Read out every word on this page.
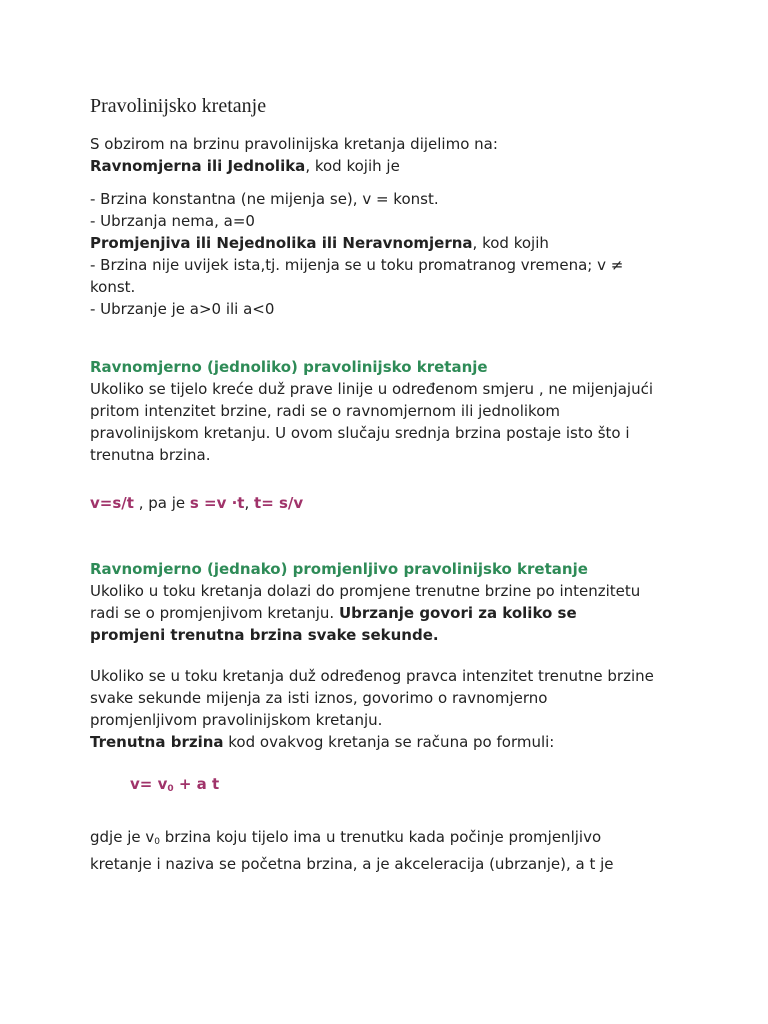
Pravolinijsko kretanje

S obzirom na brzinu pravolinijska kretanja dijelimo na:

Ravnomjerna ili Jednolika, kod kojih je

- Brzina konstantna (ne mijenja se), v = konst.

- Ubrzanja nema, a=0

Promjenjiva ili Nejednolika ili Neravnomjerna, kod kojih

- Brzina nije uvijek ista,tj. mijenja se u toku promatranog vremena; v ≠

konst.

- Ubrzanje je a>0 ili a<0

Ravnomjerno (jednoliko) pravolinijsko kretanje

Ukoliko se tijelo kreće duž prave linije u određenom smjeru , ne mijenjajući

pritom intenzitet brzine, radi se o ravnomjernom ili jednolikom

pravolinijskom kretanju. U ovom slučaju srednja brzina postaje isto što i

trenutna brzina.

v=s/t , pa je s =v ·t, t= s/v

Ravnomjerno (jednako) promjenljivo pravolinijsko kretanje

Ukoliko u toku kretanja dolazi do promjene trenutne brzine po intenzitetu

radi se o promjenjivom kretanju. Ubrzanje govori za koliko se

promjeni trenutna brzina svake sekunde.

Ukoliko se u toku kretanja duž određenog pravca intenzitet trenutne brzine

svake sekunde mijenja za isti iznos, govorimo o ravnomjerno

promjenljivom pravolinijskom kretanju.

Trenutna brzina kod ovakvog kretanja se računa po formuli:

$v= v_0 + a$ t

gdje je $v_0$ brzina koju tijelo ima u trenutku kada počinje promjenljivo

kretanje i naziva se početna brzina, a je akceleracija (ubrzanje), a t je
